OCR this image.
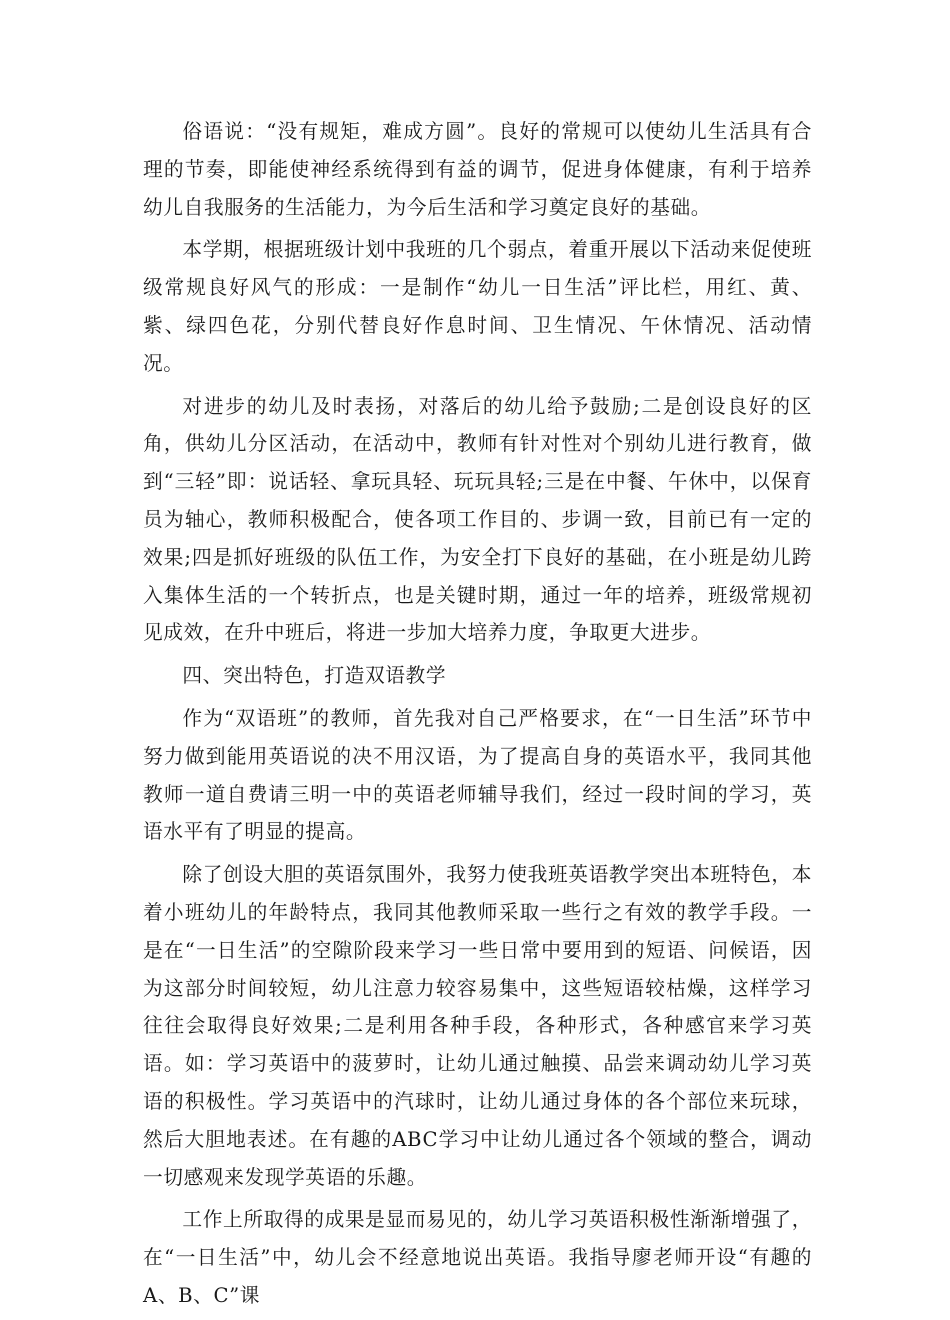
俗语说：“没有规矩，难成方圆”。良好的常规可以使幼儿生活具有合理的节奏，即能使神经系统得到有益的调节，促进身体健康，有利于培养幼儿自我服务的生活能力，为今后生活和学习奠定良好的基础。

本学期，根据班级计划中我班的几个弱点，着重开展以下活动来促使班级常规良好风气的形成：一是制作“幼儿一日生活”评比栏，用红、黄、紫、绿四色花，分别代替良好作息时间、卫生情况、午休情况、活动情况。

对进步的幼儿及时表扬，对落后的幼儿给予鼓励;二是创设良好的区角，供幼儿分区活动，在活动中，教师有针对性对个别幼儿进行教育，做到“三轻”即：说话轻、拿玩具轻、玩玩具轻;三是在中餐、午休中，以保育员为轴心，教师积极配合，使各项工作目的、步调一致，目前已有一定的效果;四是抓好班级的队伍工作，为安全打下良好的基础，在小班是幼儿跨入集体生活的一个转折点，也是关键时期，通过一年的培养，班级常规初见成效，在升中班后，将进一步加大培养力度，争取更大进步。

四、突出特色，打造双语教学

作为“双语班”的教师，首先我对自己严格要求，在“一日生活”环节中努力做到能用英语说的决不用汉语，为了提高自身的英语水平，我同其他教师一道自费请三明一中的英语老师辅导我们，经过一段时间的学习，英语水平有了明显的提高。

除了创设大胆的英语氛围外，我努力使我班英语教学突出本班特色，本着小班幼儿的年龄特点，我同其他教师采取一些行之有效的教学手段。一是在“一日生活”的空隙阶段来学习一些日常中要用到的短语、问候语，因为这部分时间较短，幼儿注意力较容易集中，这些短语较枯燥，这样学习往往会取得良好效果;二是利用各种手段，各种形式，各种感官来学习英语。如：学习英语中的菠萝时，让幼儿通过触摸、品尝来调动幼儿学习英语的积极性。学习英语中的汽球时，让幼儿通过身体的各个部位来玩球，然后大胆地表述。在有趣的ABC学习中让幼儿通过各个领域的整合，调动一切感观来发现学英语的乐趣。

工作上所取得的成果是显而易见的，幼儿学习英语积极性渐渐增强了，在“一日生活”中，幼儿会不经意地说出英语。我指导廖老师开设“有趣的 A、B、C”课
